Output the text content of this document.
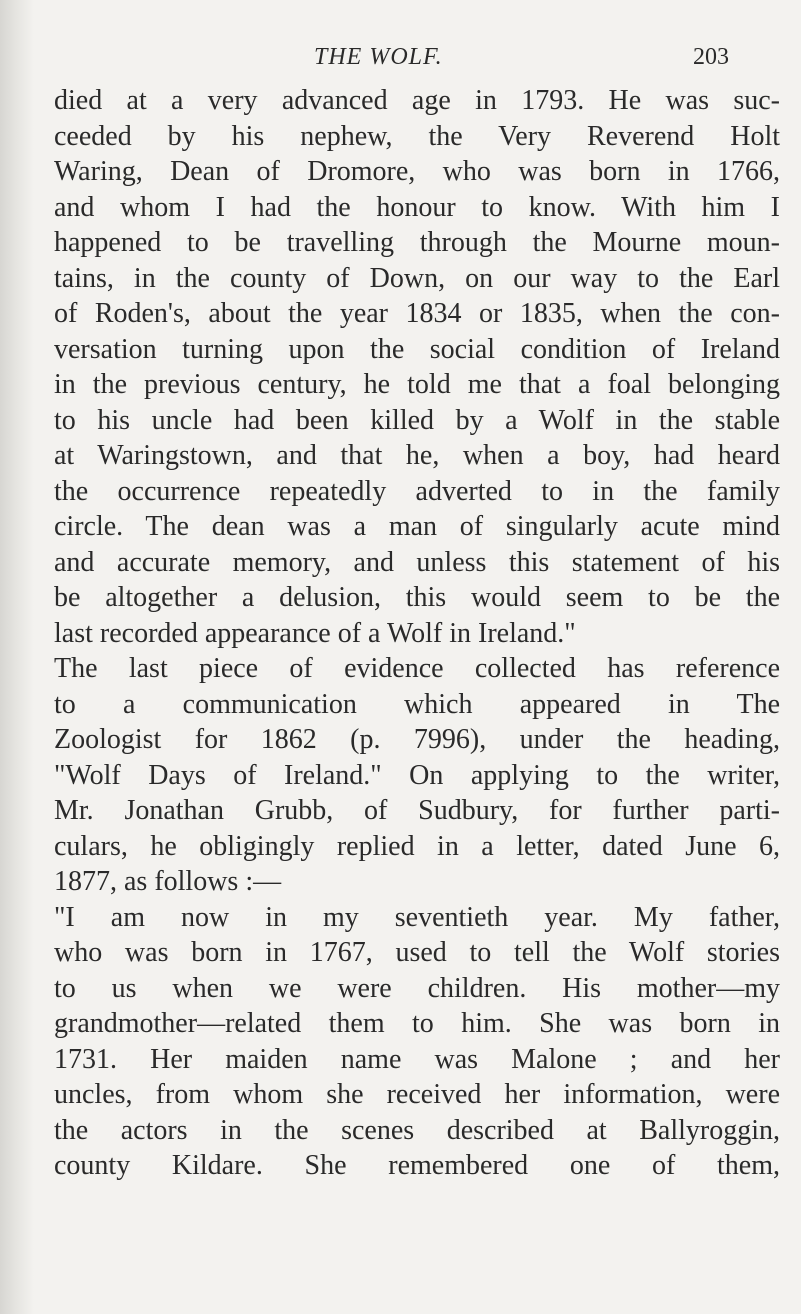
THE WOLF.	203
died at a very advanced age in 1793. He was suc-
ceeded by his nephew, the Very Reverend Holt
Waring, Dean of Dromore, who was born in 1766,
and whom I had the honour to know. With him I
happened to be travelling through the Mourne moun-
tains, in the county of Down, on our way to the Earl
of Roden's, about the year 1834 or 1835, when the con-
versation turning upon the social condition of Ireland
in the previous century, he told me that a foal belonging
to his uncle had been killed by a Wolf in the stable
at Waringstown, and that he, when a boy, had heard
the occurrence repeatedly adverted to in the family
circle. The dean was a man of singularly acute mind
and accurate memory, and unless this statement of his
be altogether a delusion, this would seem to be the
last recorded appearance of a Wolf in Ireland."
The last piece of evidence collected has reference
to a communication which appeared in The
Zoologist for 1862 (p. 7996), under the heading,
"Wolf Days of Ireland." On applying to the writer,
Mr. Jonathan Grubb, of Sudbury, for further parti-
culars, he obligingly replied in a letter, dated June 6,
1877, as follows :—
"I am now in my seventieth year. My father,
who was born in 1767, used to tell the Wolf stories
to us when we were children. His mother—my
grandmother—related them to him. She was born in
1731. Her maiden name was Malone ; and her
uncles, from whom she received her information, were
the actors in the scenes described at Ballyroggin,
county Kildare. She remembered one of them,
